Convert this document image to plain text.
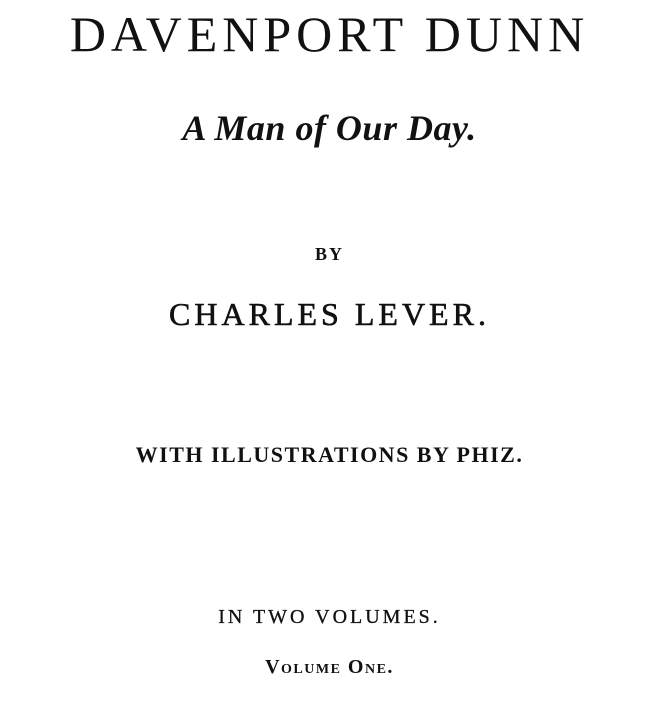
DAVENPORT DUNN
A Man of Our Day.
BY
CHARLES LEVER.
WITH ILLUSTRATIONS BY PHIZ.
IN TWO VOLUMES.
Volume One.
